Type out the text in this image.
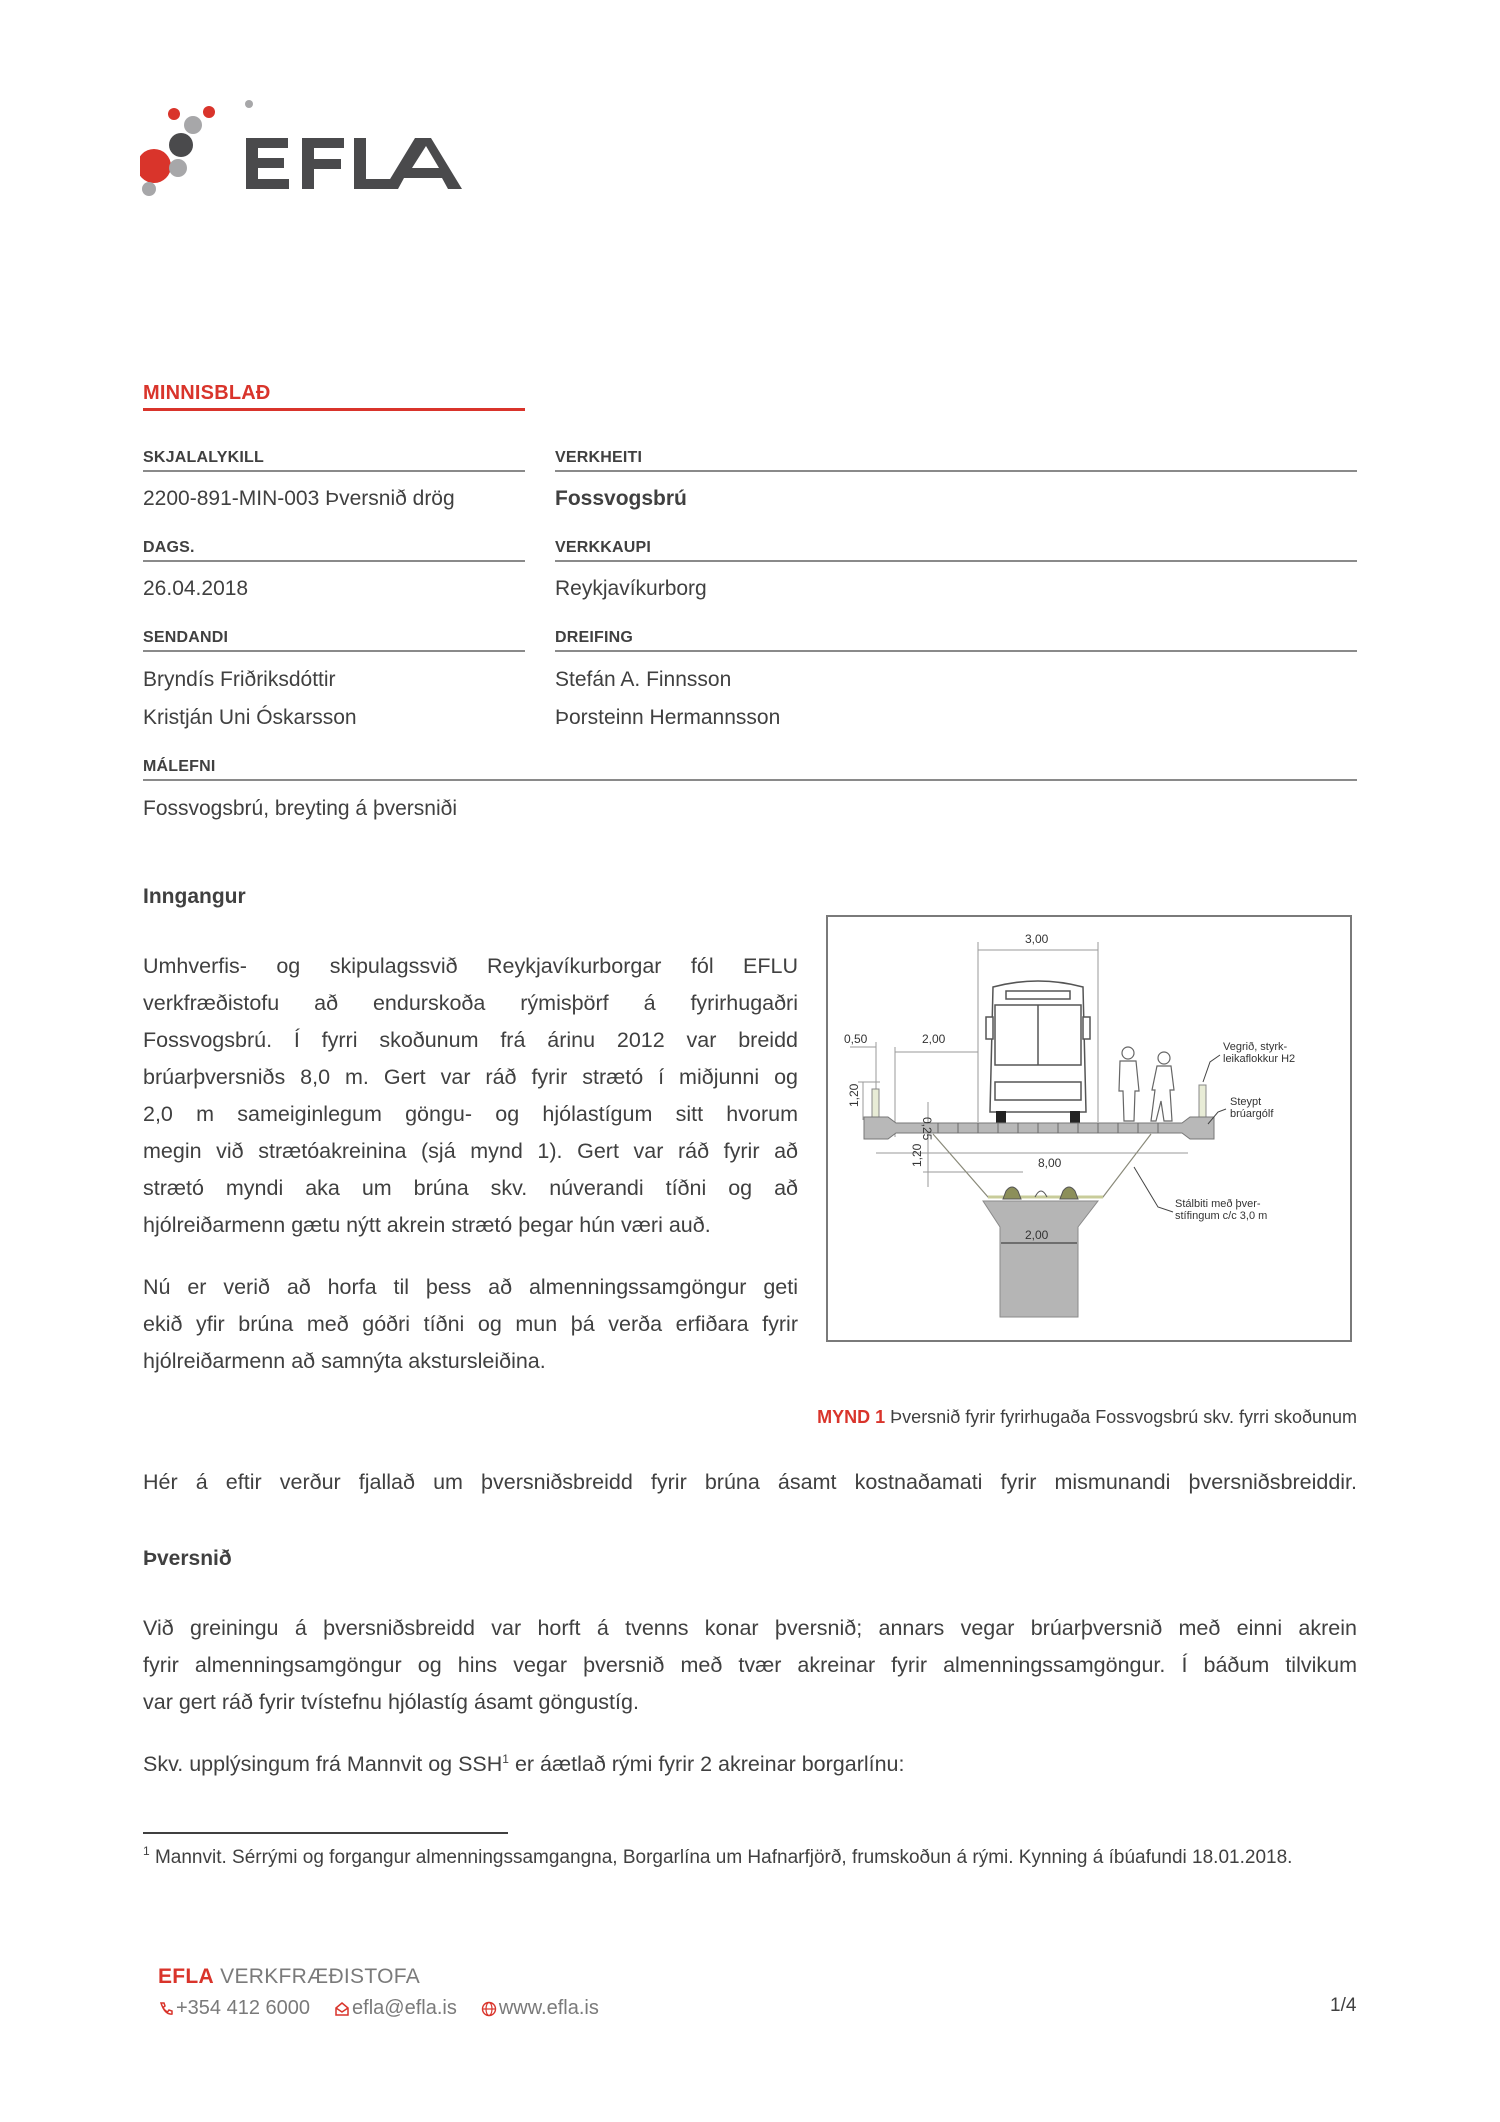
MINNISBLAÐ
SKJALALYKILL
2200-891-MIN-003 Þversnið drög
VERKHEITI
Fossvogsbrú
DAGS.
26.04.2018
VERKKAUPI
Reykjavíkurborg
SENDANDI
Bryndís Friðriksdóttir
Kristján Uni Óskarsson
DREIFING
Stefán A. Finnsson
Þorsteinn Hermannsson
MÁLEFNI
Fossvogsbrú, breyting á þversniði
Inngangur
Umhverfis- og skipulagssvið Reykjavíkurborgar fól EFLU
verkfræðistofu að endurskoða rýmisþörf á fyrirhugaðri
Fossvogsbrú. Í fyrri skoðunum frá árinu 2012 var breidd
brúarþversniðs 8,0 m. Gert var ráð fyrir strætó í miðjunni og
2,0 m sameiginlegum göngu- og hjólastígum sitt hvorum
megin við strætóakreinina (sjá mynd 1). Gert var ráð fyrir að
strætó myndi aka um brúna skv. núverandi tíðni og að
hjólreiðarmenn gætu nýtt akrein strætó þegar hún væri auð.
Nú er verið að horfa til þess að almenningssamgöngur geti
ekið yfir brúna með góðri tíðni og mun þá verða erfiðara fyrir
hjólreiðarmenn að samnýta akstursleiðina.
3,00
0,50	2,00
8,00
2,00
1,20
0,25
1,20
Vegrið, styrk-
leikaflokkur H2
Steypt
brúargólf
Stálbiti með þver-
stífingum c/c 3,0 m
MYND 1 Þversnið fyrir fyrirhugaða Fossvogsbrú skv. fyrri skoðunum
Hér á eftir verður fjallað um þversniðsbreidd fyrir brúna ásamt kostnaðamati fyrir mismunandi þversniðsbreiddir.
Þversnið
Við greiningu á þversniðsbreidd var horft á tvenns konar þversnið; annars vegar brúarþversnið með einni akrein
fyrir almenningsamgöngur og hins vegar þversnið með tvær akreinar fyrir almenningssamgöngur. Í báðum tilvikum
var gert ráð fyrir tvístefnu hjólastíg ásamt göngustíg.
Skv. upplýsingum frá Mannvit og SSH$^1$ er áætlað rými fyrir 2 akreinar borgarlínu:
$^1$ Mannvit. Sérrými og forgangur almenningssamgangna, Borgarlína um Hafnarfjörð, frumskoðun á rými. Kynning á íbúafundi 18.01.2018.
EFLA VERKFRÆÐISTOFA
+354 412 6000 efla@efla.is www.efla.is	1/4
